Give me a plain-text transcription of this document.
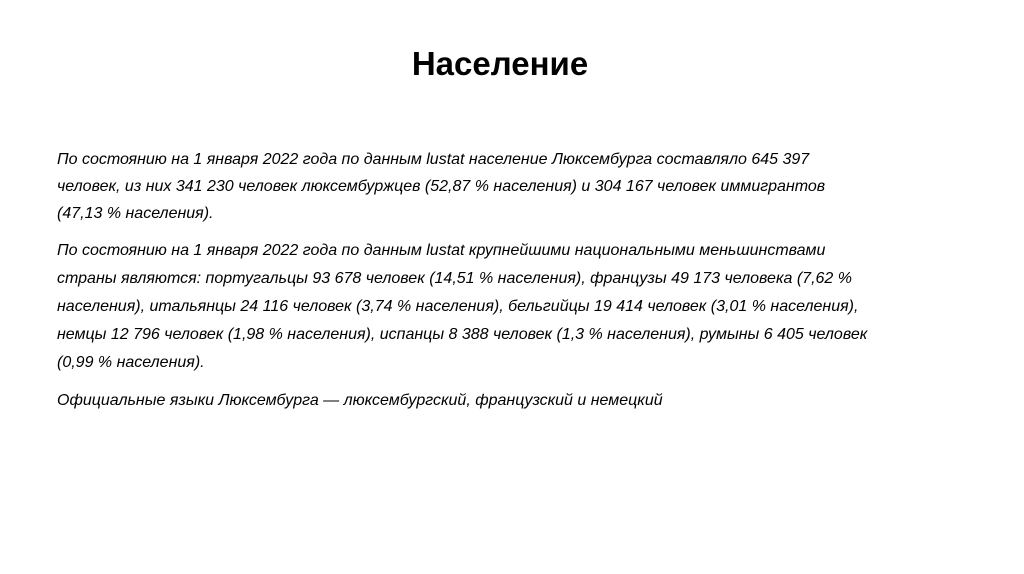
Население

По состоянию на 1 января 2022 года по данным lustat население Люксембурга составляло 645 397
человек, из них 341 230 человек люксембуржцев (52,87 % населения) и 304 167 человек иммигрантов
(47,13 % населения).

По состоянию на 1 января 2022 года по данным lustat крупнейшими национальными меньшинствами
страны являются: португальцы 93 678 человек (14,51 % населения), французы 49 173 человека (7,62 %
населения), итальянцы 24 116 человек (3,74 % населения), бельгийцы 19 414 человек (3,01 % населения),
немцы 12 796 человек (1,98 % населения), испанцы 8 388 человек (1,3 % населения), румыны 6 405 человек
(0,99 % населения).

Официальные языки Люксембурга — люксембургский, французский и немецкий
